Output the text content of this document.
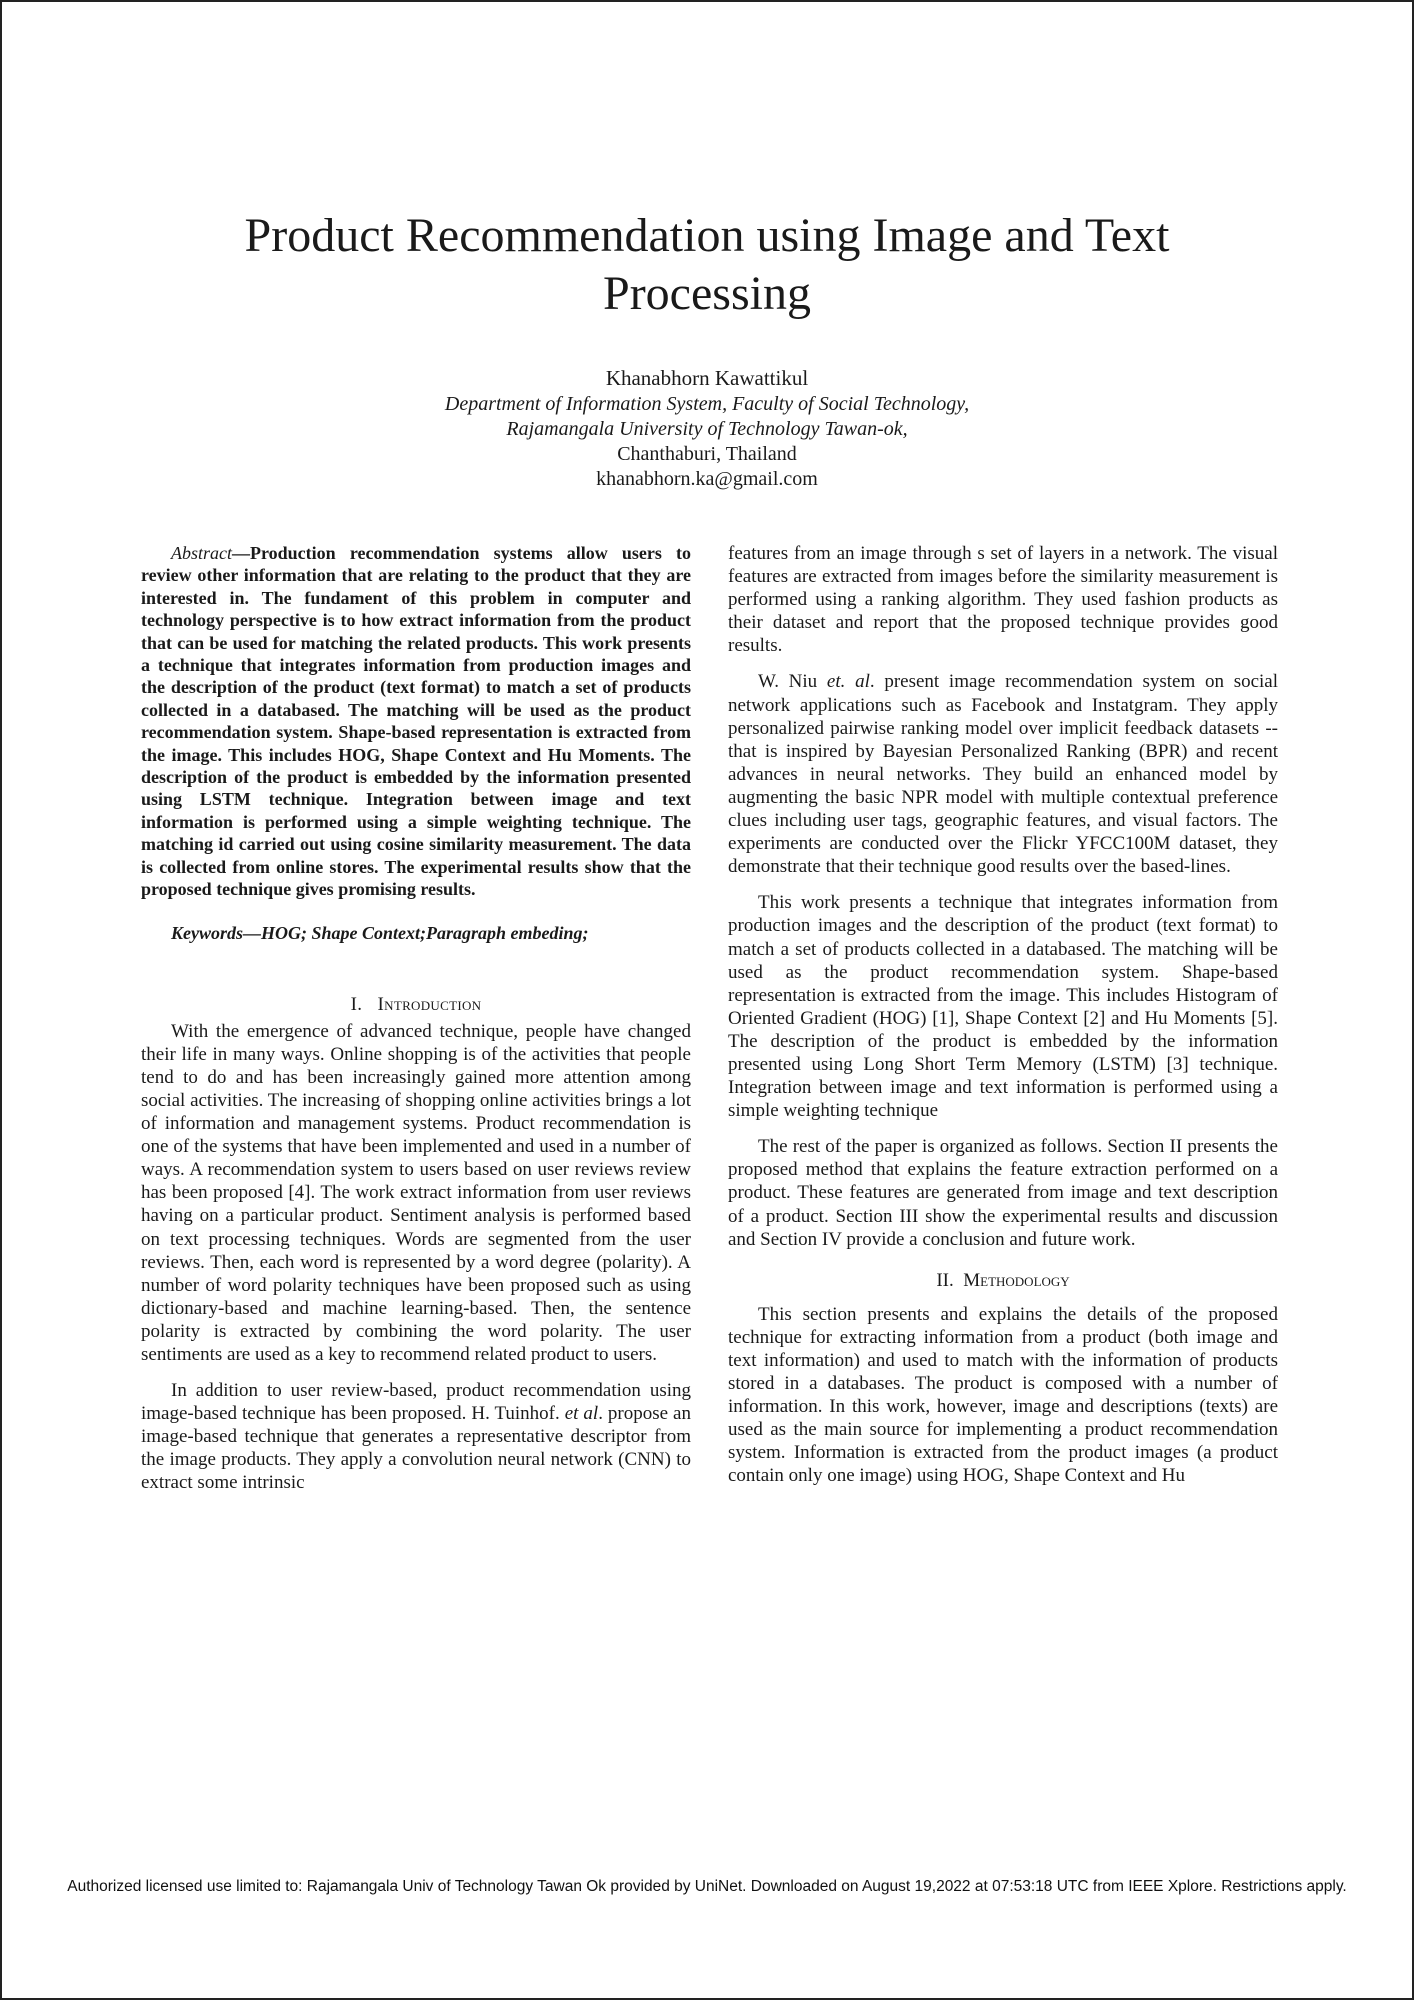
Product Recommendation using Image and Text Processing
Khanabhorn Kawattikul
Department of Information System, Faculty of Social Technology,
Rajamangala University of Technology Tawan-ok,
Chanthaburi, Thailand
khanabhorn.ka@gmail.com

Abstract—Production recommendation systems allow users to review other information that are relating to the product that they are interested in. The fundament of this problem in computer and technology perspective is to how extract information from the product that can be used for matching the related products. This work presents a technique that integrates information from production images and the description of the product (text format) to match a set of products collected in a databased. The matching will be used as the product recommendation system. Shape-based representation is extracted from the image. This includes HOG, Shape Context and Hu Moments. The description of the product is embedded by the information presented using LSTM technique. Integration between image and text information is performed using a simple weighting technique. The matching id carried out using cosine similarity measurement. The data is collected from online stores. The experimental results show that the proposed technique gives promising results.

Keywords—HOG; Shape Context;Paragraph embeding;

I. Introduction

With the emergence of advanced technique, people have changed their life in many ways. Online shopping is of the activities that people tend to do and has been increasingly gained more attention among social activities. The increasing of shopping online activities brings a lot of information and management systems. Product recommendation is one of the systems that have been implemented and used in a number of ways. A recommendation system to users based on user reviews review has been proposed [4]. The work extract information from user reviews having on a particular product. Sentiment analysis is performed based on text processing techniques. Words are segmented from the user reviews. Then, each word is represented by a word degree (polarity). A number of word polarity techniques have been proposed such as using dictionary-based and machine learning-based. Then, the sentence polarity is extracted by combining the word polarity. The user sentiments are used as a key to recommend related product to users.

In addition to user review-based, product recommendation using image-based technique has been proposed. H. Tuinhof. et al. propose an image-based technique that generates a representative descriptor from the image products. They apply a convolution neural network (CNN) to extract some intrinsic

features from an image through s set of layers in a network. The visual features are extracted from images before the similarity measurement is performed using a ranking algorithm. They used fashion products as their dataset and report that the proposed technique provides good results.

W. Niu et. al. present image recommendation system on social network applications such as Facebook and Instatgram. They apply personalized pairwise ranking model over implicit feedback datasets -- that is inspired by Bayesian Personalized Ranking (BPR) and recent advances in neural networks. They build an enhanced model by augmenting the basic NPR model with multiple contextual preference clues including user tags, geographic features, and visual factors. The experiments are conducted over the Flickr YFCC100M dataset, they demonstrate that their technique good results over the based-lines.

This work presents a technique that integrates information from production images and the description of the product (text format) to match a set of products collected in a databased. The matching will be used as the product recommendation system. Shape-based representation is extracted from the image. This includes Histogram of Oriented Gradient (HOG) [1], Shape Context [2] and Hu Moments [5]. The description of the product is embedded by the information presented using Long Short Term Memory (LSTM) [3] technique. Integration between image and text information is performed using a simple weighting technique

The rest of the paper is organized as follows. Section II presents the proposed method that explains the feature extraction performed on a product. These features are generated from image and text description of a product. Section III show the experimental results and discussion and Section IV provide a conclusion and future work.

II. Methodology

This section presents and explains the details of the proposed technique for extracting information from a product (both image and text information) and used to match with the information of products stored in a databases. The product is composed with a number of information. In this work, however, image and descriptions (texts) are used as the main source for implementing a product recommendation system. Information is extracted from the product images (a product contain only one image) using HOG, Shape Context and Hu

Authorized licensed use limited to: Rajamangala Univ of Technology Tawan Ok provided by UniNet. Downloaded on August 19,2022 at 07:53:18 UTC from IEEE Xplore. Restrictions apply.
